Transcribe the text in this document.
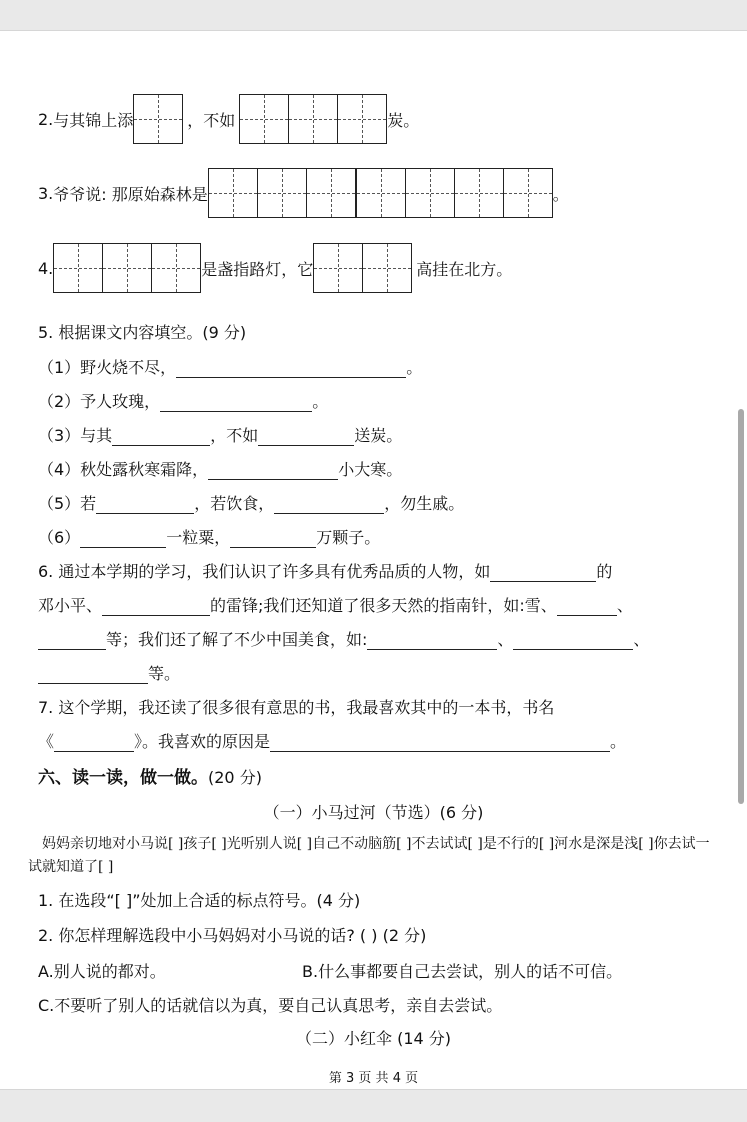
2. 与其锦上添	，不如	炭。
3. 爷爷说: 那原始森林是	。
4.	是盏指路灯，它	高挂在北方。
5. 根据课文内容填空。(9 分)
（1）野火烧不尽，	。
（2）予人玫瑰，	。
（3）与其	，不如	送炭。
（4）秋处露秋寒霜降，	小大寒。
（5）若	，若饮食，	，勿生戚。
（6）	一粒粟，	万颗子。
6. 通过本学期的学习，我们认识了许多具有优秀品质的人物，如	的
邓小平、	的雷锋;我们还知道了很多天然的指南针，如:雪、	、
等；我们还了解了不少中国美食，如:	、	、
等。
7. 这个学期，我还读了很多很有意思的书，我最喜欢其中的一本书，书名
《	》。我喜欢的原因是	。
六、读一读，做一做。(20 分)
（一）小马过河（节选）(6 分)
妈妈亲切地对小马说[ ]孩子[ ]光听别人说[ ]自己不动脑筋[ ]不去试试[ ]是不行的[ ]河水是深是浅[ ]你去试一试就知道了[ ]
1. 在选段“[ ]”处加上合适的标点符号。(4 分)
2. 你怎样理解选段中小马妈妈对小马说的话? ( ) (2 分)
A.别人说的都对。	B.什么事都要自己去尝试，别人的话不可信。
C.不要听了别人的话就信以为真，要自己认真思考，亲自去尝试。
（二）小红伞 (14 分)
第 3 页 共 4 页
